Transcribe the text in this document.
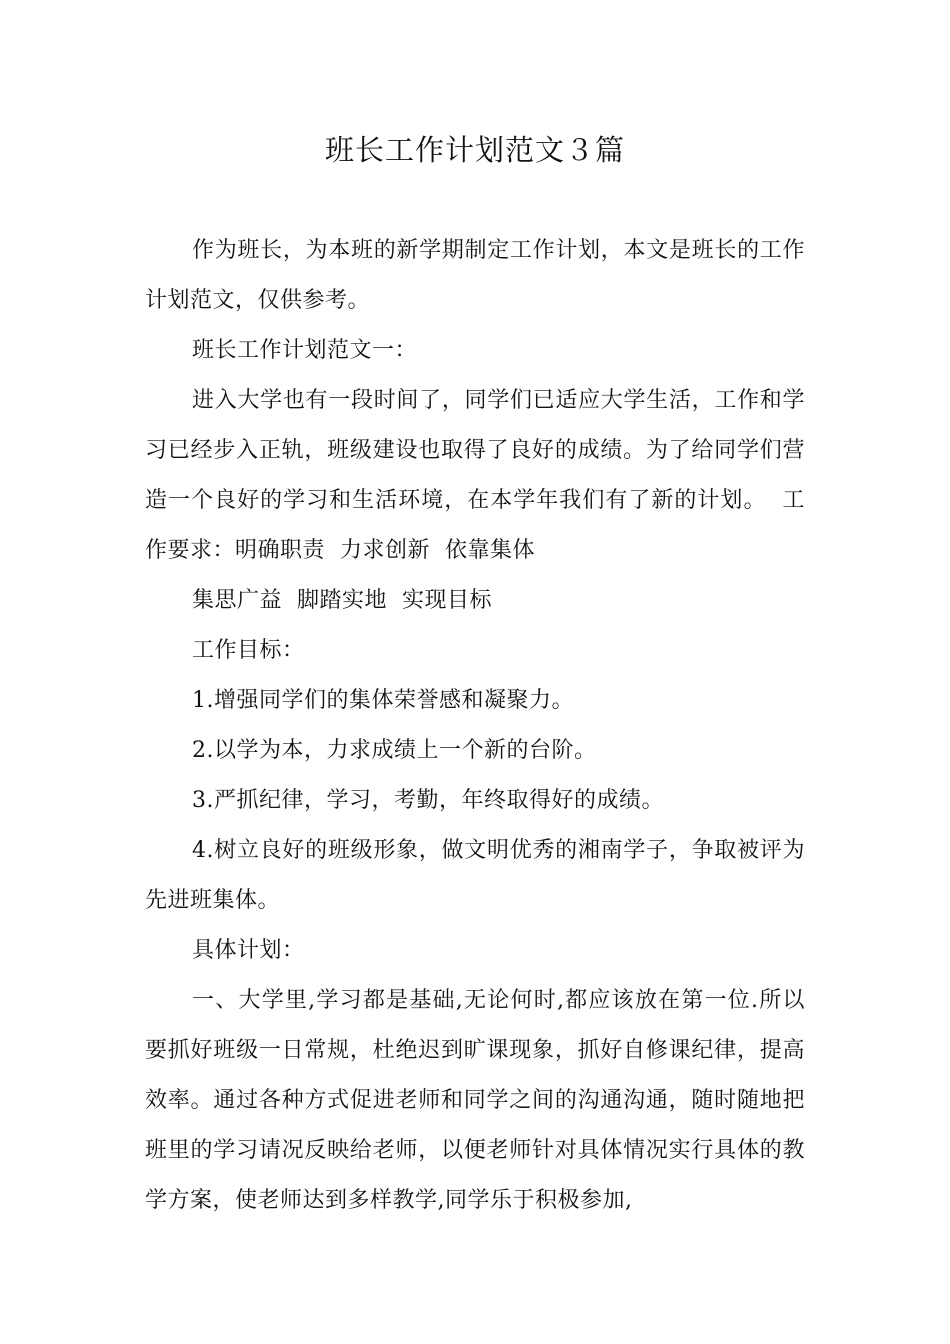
班长工作计划范文３篇

作为班长，为本班的新学期制定工作计划，本文是班长的工作计划范文，仅供参考。

班长工作计划范文一：

进入大学也有一段时间了，同学们已适应大学生活，工作和学习已经步入正轨，班级建设也取得了良好的成绩。为了给同学们营造一个良好的学习和生活环境，在本学年我们有了新的计划。  工作要求：明确职责  力求创新  依靠集体

集思广益  脚踏实地  实现目标

工作目标：

1.增强同学们的集体荣誉感和凝聚力。

2.以学为本，力求成绩上一个新的台阶。

3.严抓纪律，学习，考勤，年终取得好的成绩。

4.树立良好的班级形象，做文明优秀的湘南学子，争取被评为先进班集体。

具体计划：

一、大学里,学习都是基础,无论何时,都应该放在第一位.所以要抓好班级一日常规，杜绝迟到旷课现象，抓好自修课纪律，提高效率。通过各种方式促进老师和同学之间的沟通沟通，随时随地把班里的学习请况反映给老师，以便老师针对具体情况实行具体的教学方案，使老师达到多样教学,同学乐于积极参加,
